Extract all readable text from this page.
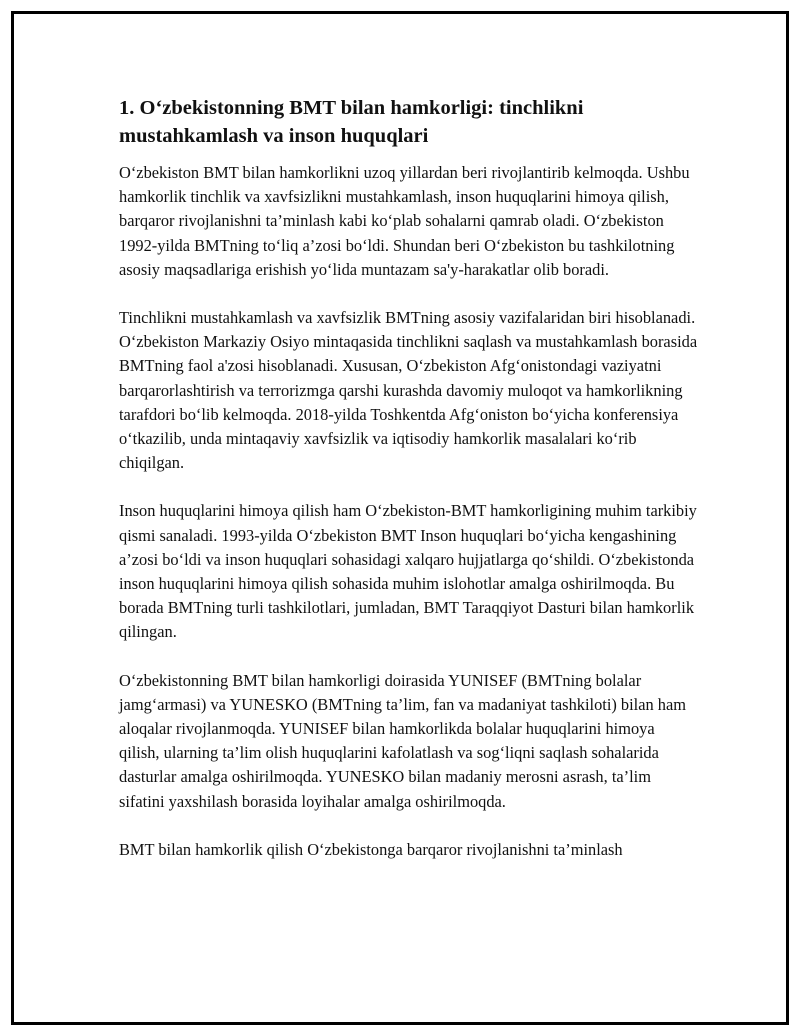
1. O‘zbekistonning BMT bilan hamkorligi: tinchlikni mustahkamlash va inson huquqlari

O‘zbekiston BMT bilan hamkorlikni uzoq yillardan beri rivojlantirib kelmoqda. Ushbu hamkorlik tinchlik va xavfsizlikni mustahkamlash, inson huquqlarini himoya qilish, barqaror rivojlanishni ta’minlash kabi ko‘plab sohalarni qamrab oladi. O‘zbekiston 1992-yilda BMTning to‘liq a’zosi bo‘ldi. Shundan beri O‘zbekiston bu tashkilotning asosiy maqsadlariga erishish yo‘lida muntazam sa'y-harakatlar olib boradi.

Tinchlikni mustahkamlash va xavfsizlik BMTning asosiy vazifalaridan biri hisoblanadi. O‘zbekiston Markaziy Osiyo mintaqasida tinchlikni saqlash va mustahkamlash borasida BMTning faol a'zosi hisoblanadi. Xususan, O‘zbekiston Afg‘onistondagi vaziyatni barqarorlashtirish va terrorizmga qarshi kurashda davomiy muloqot va hamkorlikning tarafdori bo‘lib kelmoqda. 2018-yilda Toshkentda Afg‘oniston bo‘yicha konferensiya o‘tkazilib, unda mintaqaviy xavfsizlik va iqtisodiy hamkorlik masalalari ko‘rib chiqilgan.

Inson huquqlarini himoya qilish ham O‘zbekiston-BMT hamkorligining muhim tarkibiy qismi sanaladi. 1993-yilda O‘zbekiston BMT Inson huquqlari bo‘yicha kengashining a’zosi bo‘ldi va inson huquqlari sohasidagi xalqaro hujjatlarga qo‘shildi. O‘zbekistonda inson huquqlarini himoya qilish sohasida muhim islohotlar amalga oshirilmoqda. Bu borada BMTning turli tashkilotlari, jumladan, BMT Taraqqiyot Dasturi bilan hamkorlik qilingan.

O‘zbekistonning BMT bilan hamkorligi doirasida YUNISEF (BMTning bolalar jamg‘armasi) va YUNESKO (BMTning ta’lim, fan va madaniyat tashkiloti) bilan ham aloqalar rivojlanmoqda. YUNISEF bilan hamkorlikda bolalar huquqlarini himoya qilish, ularning ta’lim olish huquqlarini kafolatlash va sog‘liqni saqlash sohalarida dasturlar amalga oshirilmoqda. YUNESKO bilan madaniy merosni asrash, ta’lim sifatini yaxshilash borasida loyihalar amalga oshirilmoqda.

BMT bilan hamkorlik qilish O‘zbekistonga barqaror rivojlanishni ta’minlash
